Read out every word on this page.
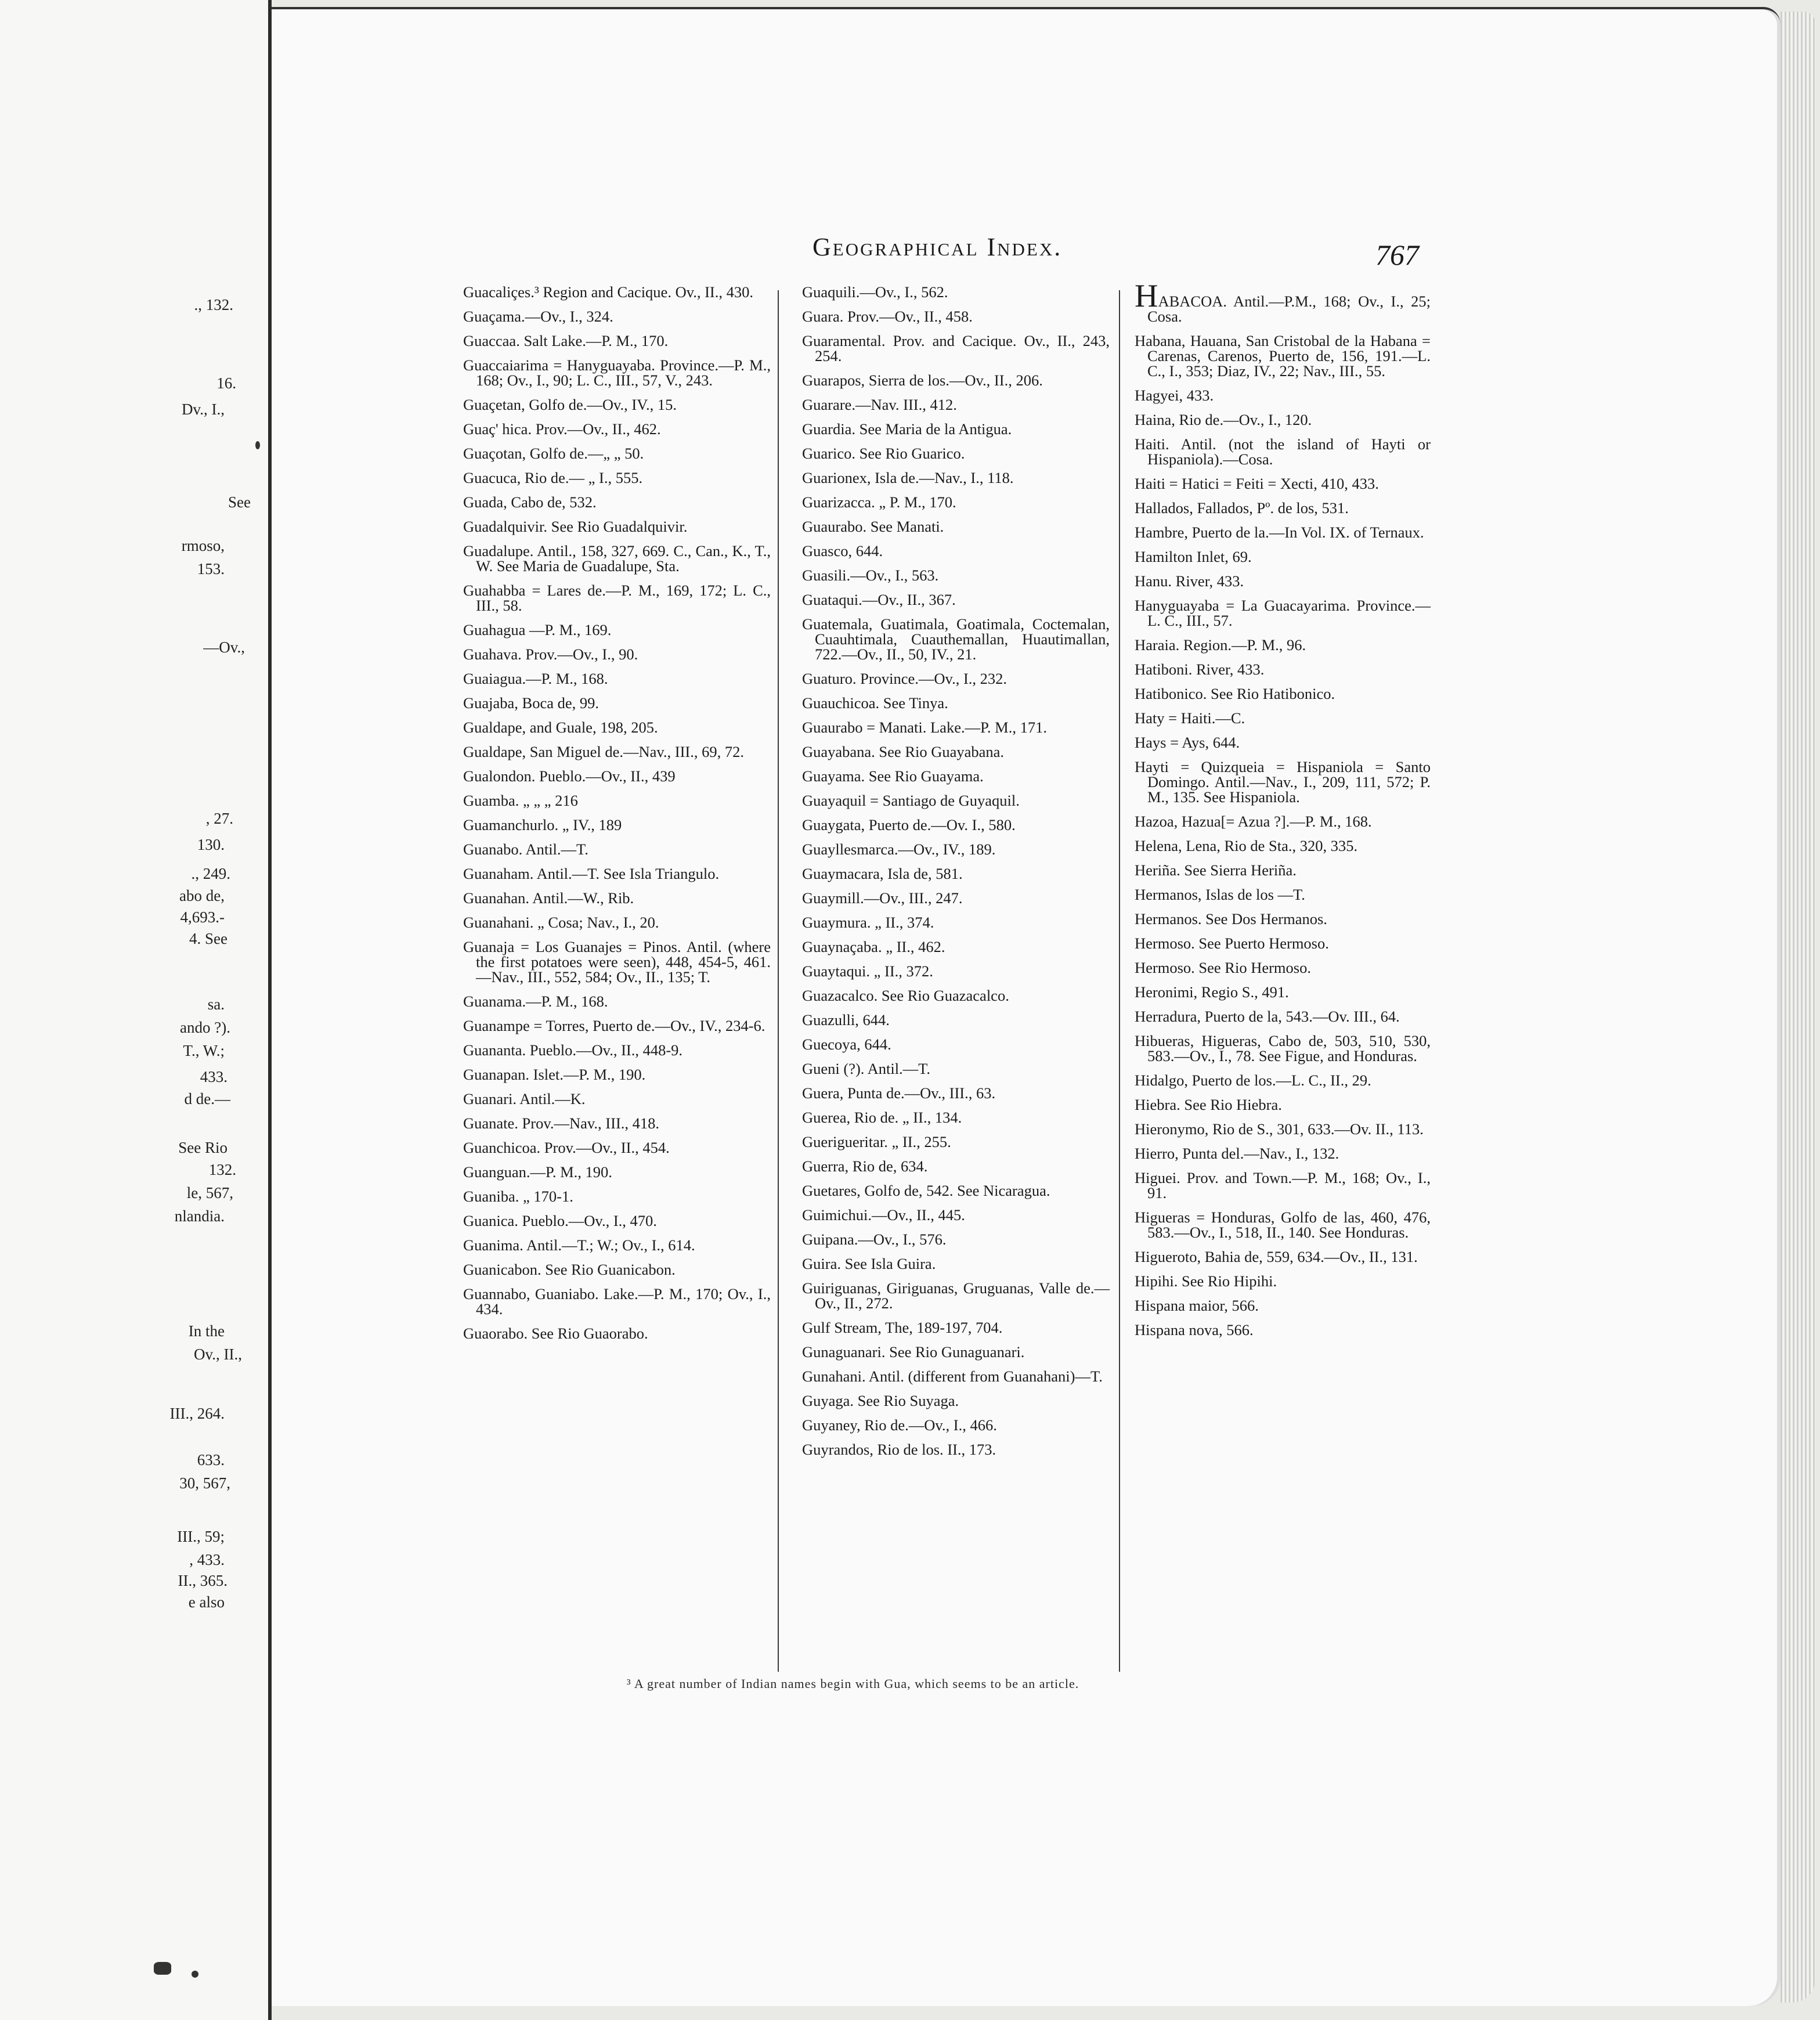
., 132.
16.
Dv., I.,
See
rmoso,
153.
—Ov.,
, 27.
130.
., 249.
abo de,
4,693.-
4. See
sa.
ando ?).
T., W.;
433.
d de.—
See Rio
132.
le, 567,
nlandia.
In the
Ov., II.,
III., 264.
633.
30, 567,
III., 59;
, 433.
II., 365.
e also
Geographical Index.	767
Guacaliçes.³ Region and Cacique. Ov., II., 430.
Guaçama.—Ov., I., 324.
Guaccaa. Salt Lake.—P. M., 170.
Guaccaiarima = Hanyguayaba. Province.—P. M., 168; Ov., I., 90; L. C., III., 57, V., 243.
Guaçetan, Golfo de.—Ov., IV., 15.
Guaç' hica. Prov.—Ov., II., 462.
Guaçotan, Golfo de.—„ „ 50.
Guacuca, Rio de.— „ I., 555.
Guada, Cabo de, 532.
Guadalquivir. See Rio Guadalquivir.
Guadalupe. Antil., 158, 327, 669. C., Can., K., T., W. See Maria de Guadalupe, Sta.
Guahabba = Lares de.—P. M., 169, 172; L. C., III., 58.
Guahagua —P. M., 169.
Guahava. Prov.—Ov., I., 90.
Guaiagua.—P. M., 168.
Guajaba, Boca de, 99.
Gualdape, and Guale, 198, 205.
Gualdape, San Miguel de.—Nav., III., 69, 72.
Gualondon. Pueblo.—Ov., II., 439
Guamba. „ „ „ 216
Guamanchurlo. „ IV., 189
Guanabo. Antil.—T.
Guanaham. Antil.—T. See Isla Triangulo.
Guanahan. Antil.—W., Rib.
Guanahani. „ Cosa; Nav., I., 20.
Guanaja = Los Guanajes = Pinos. Antil. (where the first potatoes were seen), 448, 454-5, 461.—Nav., III., 552, 584; Ov., II., 135; T.
Guanama.—P. M., 168.
Guanampe = Torres, Puerto de.—Ov., IV., 234-6.
Guananta. Pueblo.—Ov., II., 448-9.
Guanapan. Islet.—P. M., 190.
Guanari. Antil.—K.
Guanate. Prov.—Nav., III., 418.
Guanchicoa. Prov.—Ov., II., 454.
Guanguan.—P. M., 190.
Guaniba. „ 170-1.
Guanica. Pueblo.—Ov., I., 470.
Guanima. Antil.—T.; W.; Ov., I., 614.
Guanicabon. See Rio Guanicabon.
Guannabo, Guaniabo. Lake.—P. M., 170; Ov., I., 434.
Guaorabo. See Rio Guaorabo.
Guaquili.—Ov., I., 562.
Guara. Prov.—Ov., II., 458.
Guaramental. Prov. and Cacique. Ov., II., 243, 254.
Guarapos, Sierra de los.—Ov., II., 206.
Guarare.—Nav. III., 412.
Guardia. See Maria de la Antigua.
Guarico. See Rio Guarico.
Guarionex, Isla de.—Nav., I., 118.
Guarizacca. „ P. M., 170.
Guaurabo. See Manati.
Guasco, 644.
Guasili.—Ov., I., 563.
Guataqui.—Ov., II., 367.
Guatemala, Guatimala, Goatimala, Coctemalan, Cuauhtimala, Cuauthemallan, Huautimallan, 722.—Ov., II., 50, IV., 21.
Guaturo. Province.—Ov., I., 232.
Guauchicoa. See Tinya.
Guaurabo = Manati. Lake.—P. M., 171.
Guayabana. See Rio Guayabana.
Guayama. See Rio Guayama.
Guayaquil = Santiago de Guyaquil.
Guaygata, Puerto de.—Ov. I., 580.
Guayllesmarca.—Ov., IV., 189.
Guaymacara, Isla de, 581.
Guaymill.—Ov., III., 247.
Guaymura. „ II., 374.
Guaynaçaba. „ II., 462.
Guaytaqui. „ II., 372.
Guazacalco. See Rio Guazacalco.
Guazulli, 644.
Guecoya, 644.
Gueni (?). Antil.—T.
Guera, Punta de.—Ov., III., 63.
Guerea, Rio de. „ II., 134.
Guerigueritar. „ II., 255.
Guerra, Rio de, 634.
Guetares, Golfo de, 542. See Nicaragua.
Guimichui.—Ov., II., 445.
Guipana.—Ov., I., 576.
Guira. See Isla Guira.
Guiriguanas, Giriguanas, Gruguanas, Valle de.—Ov., II., 272.
Gulf Stream, The, 189-197, 704.
Gunaguanari. See Rio Gunaguanari.
Gunahani. Antil. (different from Guanahani)—T.
Guyaga. See Rio Suyaga.
Guyaney, Rio de.—Ov., I., 466.
Guyrandos, Rio de los. II., 173.
HABACOA. Antil.—P.M., 168; Ov., I., 25; Cosa.
Habana, Hauana, San Cristobal de la Habana = Carenas, Carenos, Puerto de, 156, 191.—L. C., I., 353; Diaz, IV., 22; Nav., III., 55.
Hagyei, 433.
Haina, Rio de.—Ov., I., 120.
Haiti. Antil. (not the island of Hayti or Hispaniola).—Cosa.
Haiti = Hatici = Feiti = Xecti, 410, 433.
Hallados, Fallados, Pº. de los, 531.
Hambre, Puerto de la.—In Vol. IX. of Ternaux.
Hamilton Inlet, 69.
Hanu. River, 433.
Hanyguayaba = La Guacayarima. Province.—L. C., III., 57.
Haraia. Region.—P. M., 96.
Hatiboni. River, 433.
Hatibonico. See Rio Hatibonico.
Haty = Haiti.—C.
Hays = Ays, 644.
Hayti = Quizqueia = Hispaniola = Santo Domingo. Antil.—Nav., I., 209, 111, 572; P. M., 135. See Hispaniola.
Hazoa, Hazua[= Azua ?].—P. M., 168.
Helena, Lena, Rio de Sta., 320, 335.
Heriña. See Sierra Heriña.
Hermanos, Islas de los —T.
Hermanos. See Dos Hermanos.
Hermoso. See Puerto Hermoso.
Hermoso. See Rio Hermoso.
Heronimi, Regio S., 491.
Herradura, Puerto de la, 543.—Ov. III., 64.
Hibueras, Higueras, Cabo de, 503, 510, 530, 583.—Ov., I., 78. See Figue, and Honduras.
Hidalgo, Puerto de los.—L. C., II., 29.
Hiebra. See Rio Hiebra.
Hieronymo, Rio de S., 301, 633.—Ov. II., 113.
Hierro, Punta del.—Nav., I., 132.
Higuei. Prov. and Town.—P. M., 168; Ov., I., 91.
Higueras = Honduras, Golfo de las, 460, 476, 583.—Ov., I., 518, II., 140. See Honduras.
Higueroto, Bahia de, 559, 634.—Ov., II., 131.
Hipihi. See Rio Hipihi.
Hispana maior, 566.
Hispana nova, 566.
³ A great number of Indian names begin with Gua, which seems to be an article.
